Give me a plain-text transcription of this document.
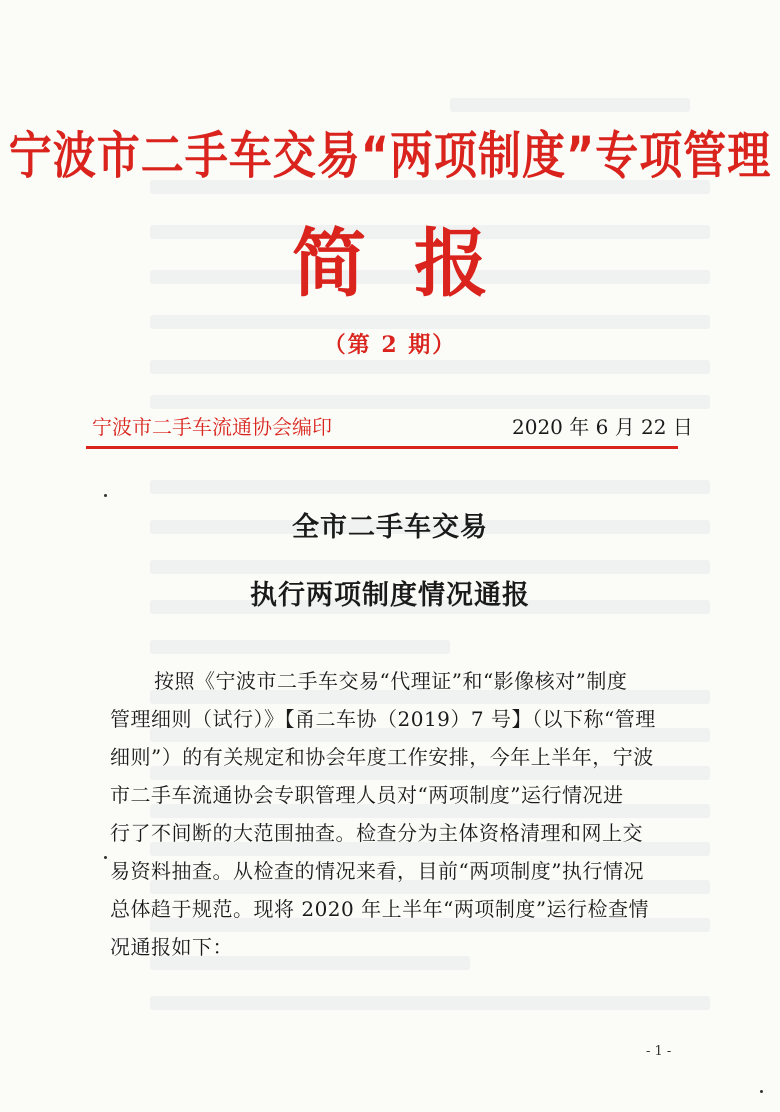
宁波市二手车交易“两项制度”专项管理
简报
（第 2 期）
宁波市二手车流通协会编印	2020 年 6 月 22 日
全市二手车交易
执行两项制度情况通报
按照《宁波市二手车交易“代理证”和“影像核对”制度
管理细则（试行）》【甬二车协（2019）7 号】（以下称“管理
细则”）的有关规定和协会年度工作安排，今年上半年，宁波
市二手车流通协会专职管理人员对“两项制度”运行情况进
行了不间断的大范围抽查。检查分为主体资格清理和网上交
易资料抽查。从检查的情况来看，目前“两项制度”执行情况
总体趋于规范。现将 2020 年上半年“两项制度”运行检查情
况通报如下：
- 1 -
